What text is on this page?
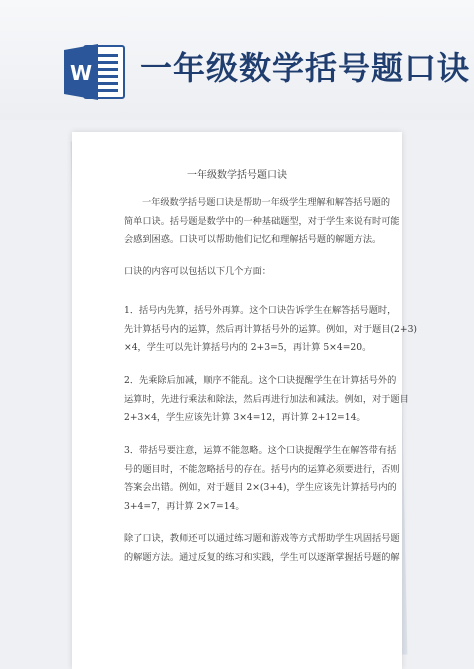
W 一年级数学括号题口诀
一年级数学括号题口诀

一年级数学括号题口诀是帮助一年级学生理解和解答括号题的
简单口诀。括号题是数学中的一种基础题型，对于学生来说有时可能
会感到困惑。口诀可以帮助他们记忆和理解括号题的解题方法。

口诀的内容可以包括以下几个方面：

1．括号内先算，括号外再算。这个口诀告诉学生在解答括号题时，
先计算括号内的运算，然后再计算括号外的运算。例如，对于题目(2+3)
×4，学生可以先计算括号内的 2+3=5，再计算 5×4=20。

2．先乘除后加减，顺序不能乱。这个口诀提醒学生在计算括号外的
运算时，先进行乘法和除法，然后再进行加法和减法。例如，对于题目
2+3×4，学生应该先计算 3×4=12，再计算 2+12=14。

3．带括号要注意，运算不能忽略。这个口诀提醒学生在解答带有括
号的题目时，不能忽略括号的存在。括号内的运算必须要进行，否则
答案会出错。例如，对于题目 2×(3+4)，学生应该先计算括号内的
3+4=7，再计算 2×7=14。

除了口诀，教师还可以通过练习题和游戏等方式帮助学生巩固括号题
的解题方法。通过反复的练习和实践，学生可以逐渐掌握括号题的解
